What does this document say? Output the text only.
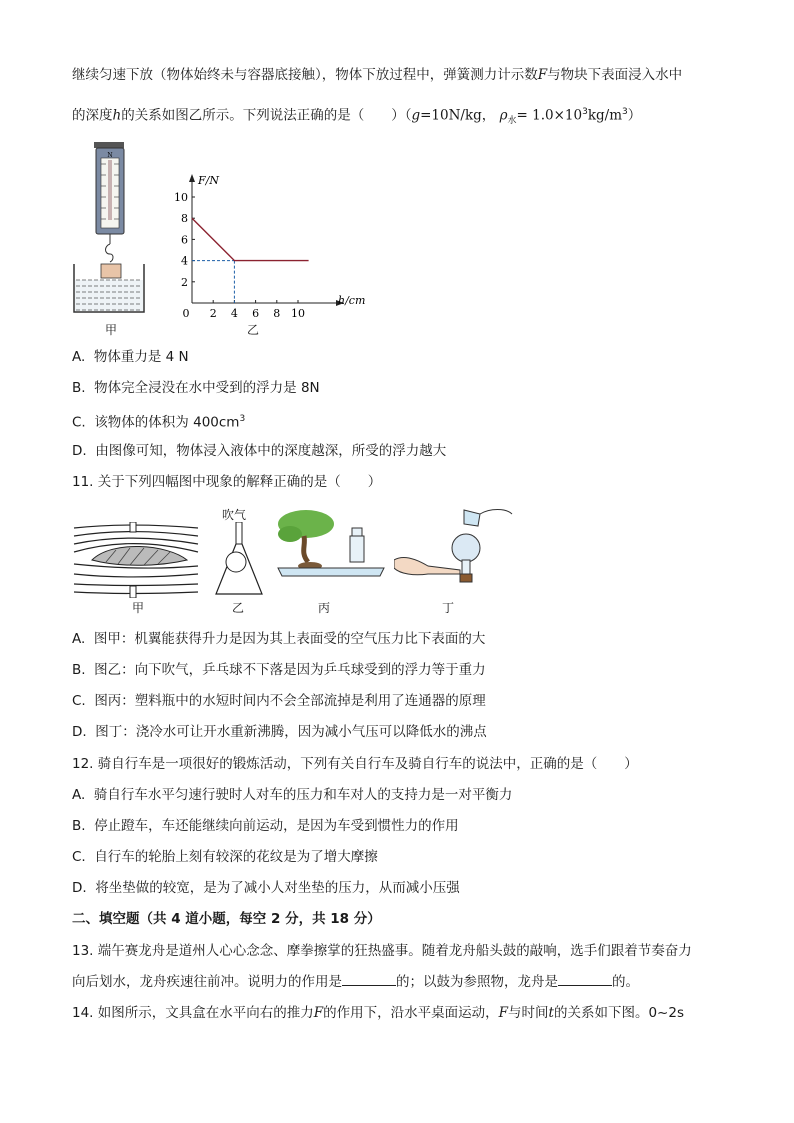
继续匀速下放（物体始终未与容器底接触），物体下放过程中，弹簧测力计示数F与物块下表面浸入水中
的深度h的关系如图乙所示。下列说法正确的是（　　）（g=10N/kg， $\rho_水= 1.0\times 10^3kg/m^3$）
N
甲
F/N
h/cm
2
4
6
8
10
0 2 4 6 8 10
乙
A. 物体重力是 4 N
B. 物体完全浸没在水中受到的浮力是 8N
C. 该物体的体积为 $400cm^3$
D. 由图像可知，物体浸入液体中的深度越深，所受的浮力越大
11. 关于下列四幅图中现象的解释正确的是（　　）
甲
吹气
乙	丙	丁
A. 图甲：机翼能获得升力是因为其上表面受的空气压力比下表面的大
B. 图乙：向下吹气，乒乓球不下落是因为乒乓球受到的浮力等于重力
C. 图丙：塑料瓶中的水短时间内不会全部流掉是利用了连通器的原理
D. 图丁：浇冷水可让开水重新沸腾，因为减小气压可以降低水的沸点
12. 骑自行车是一项很好的锻炼活动，下列有关自行车及骑自行车的说法中，正确的是（　　）
A. 骑自行车水平匀速行驶时人对车的压力和车对人的支持力是一对平衡力
B. 停止蹬车，车还能继续向前运动，是因为车受到惯性力的作用
C. 自行车的轮胎上刻有较深的花纹是为了增大摩擦
D. 将坐垫做的较宽，是为了减小人对坐垫的压力，从而减小压强
二、填空题（共 4 道小题，每空 2 分，共 18 分）
13. 端午赛龙舟是道州人心心念念、摩拳擦掌的狂热盛事。随着龙舟船头鼓的敲响，选手们跟着节奏奋力
向后划水，龙舟疾速往前冲。说明力的作用是	的；以鼓为参照物，龙舟是	的。
14. 如图所示，文具盒在水平向右的推力F的作用下，沿水平桌面运动，F与时间t的关系如下图。0~2s
